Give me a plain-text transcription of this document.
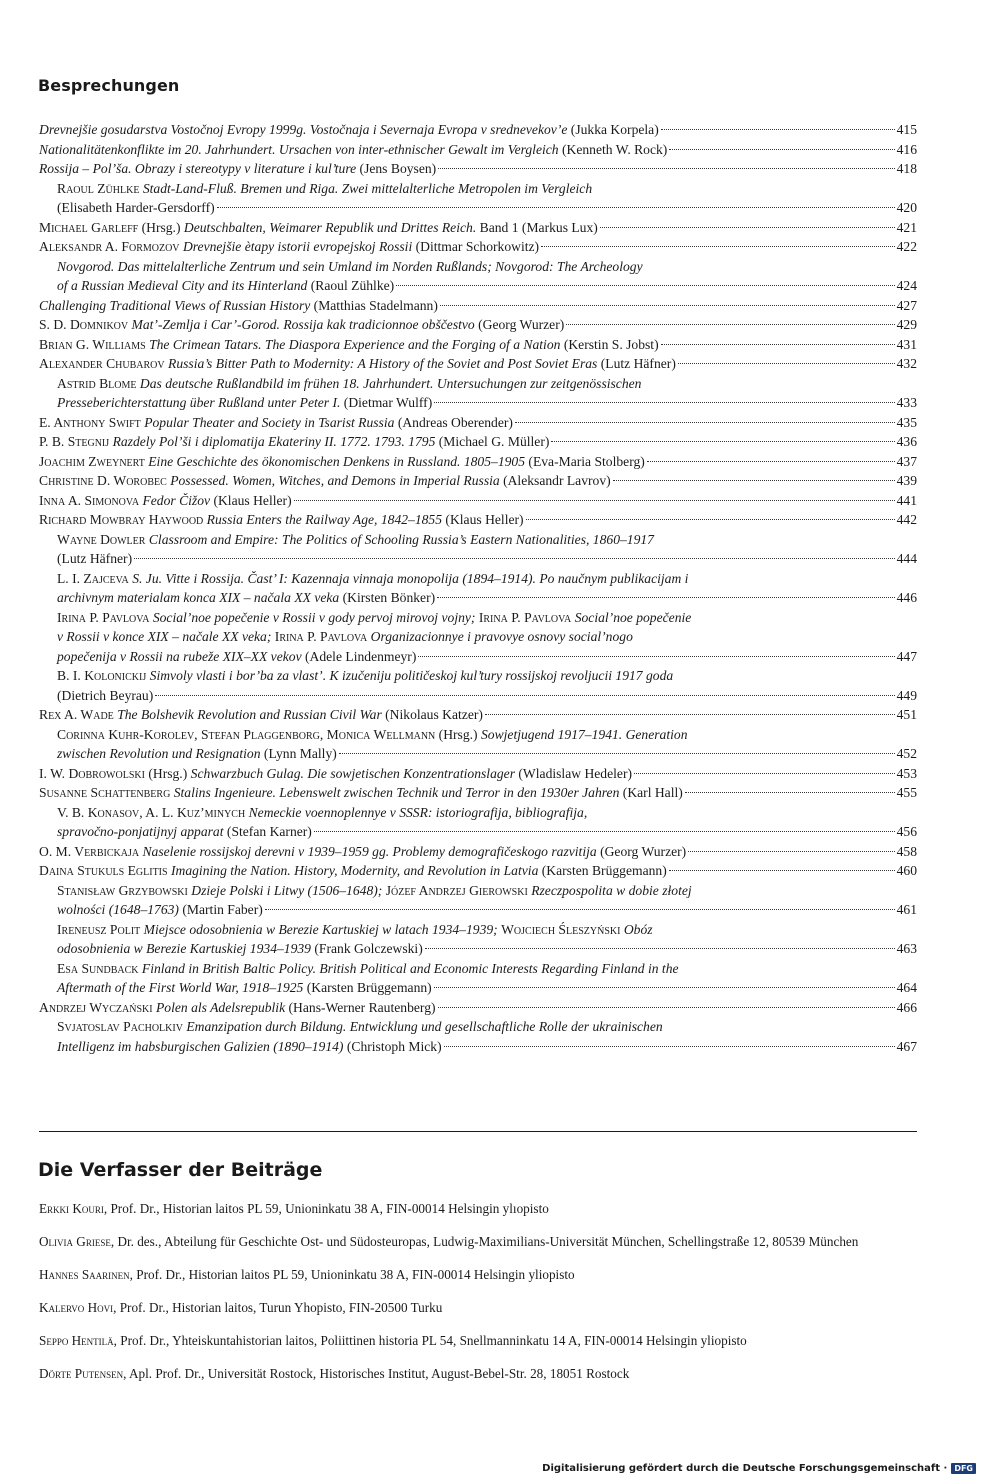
Besprechungen
Drevnejšie gosudarstva Vostočnoj Evropy 1999g. Vostočnaja i Severnaja Evropa v srednevekov’e (Jukka Korpela)	415
Nationalitätenkonflikte im 20. Jahrhundert. Ursachen von inter-ethnischer Gewalt im Vergleich (Kenneth W. Rock)	416
Rossija – Pol’ša. Obrazy i stereotypy v literature i kul’ture (Jens Boysen)	418
Raoul Zühlke Stadt-Land-Fluß. Bremen und Riga. Zwei mittelalterliche Metropolen im Vergleich
(Elisabeth Harder-Gersdorff)	420
Michael Garleff (Hrsg.) Deutschbalten, Weimarer Republik und Drittes Reich. Band 1 (Markus Lux)	421
Aleksandr A. Formozov Drevnejšie ètapy istorii evropejskoj Rossii (Dittmar Schorkowitz)	422
Novgorod. Das mittelalterliche Zentrum und sein Umland im Norden Rußlands; Novgorod: The Archeology
of a Russian Medieval City and its Hinterland (Raoul Zühlke)	424
Challenging Traditional Views of Russian History (Matthias Stadelmann)	427
S. D. Domnikov Mat’-Zemlja i Car’-Gorod. Rossija kak tradicionnoe obščestvo (Georg Wurzer)	429
Brian G. Williams The Crimean Tatars. The Diaspora Experience and the Forging of a Nation (Kerstin S. Jobst)	431
Alexander Chubarov Russia’s Bitter Path to Modernity: A History of the Soviet and Post Soviet Eras (Lutz Häfner)	432
Astrid Blome Das deutsche Rußlandbild im frühen 18. Jahrhundert. Untersuchungen zur zeitgenössischen
Presseberichterstattung über Rußland unter Peter I. (Dietmar Wulff)	433
E. Anthony Swift Popular Theater and Society in Tsarist Russia (Andreas Oberender)	435
P. B. Stegnij Razdely Pol’ši i diplomatija Ekateriny II. 1772. 1793. 1795 (Michael G. Müller)	436
Joachim Zweynert Eine Geschichte des ökonomischen Denkens in Russland. 1805–1905 (Eva-Maria Stolberg)	437
Christine D. Worobec Possessed. Women, Witches, and Demons in Imperial Russia (Aleksandr Lavrov)	439
Inna A. Simonova Fedor Čižov (Klaus Heller)	441
Richard Mowbray Haywood Russia Enters the Railway Age, 1842–1855 (Klaus Heller)	442
Wayne Dowler Classroom and Empire: The Politics of Schooling Russia’s Eastern Nationalities, 1860–1917
(Lutz Häfner)	444
L. I. Zajceva S. Ju. Vitte i Rossija. Čast’ I: Kazennaja vinnaja monopolija (1894–1914). Po naučnym publikacijam i
archivnym materialam konca XIX – načala XX veka (Kirsten Bönker)	446
Irina P. Pavlova Social’noe popečenie v Rossii v gody pervoj mirovoj vojny; Irina P. Pavlova Social’noe popečenie
v Rossii v konce XIX – načale XX veka; Irina P. Pavlova Organizacionnye i pravovye osnovy social’nogo
popečenija v Rossii na rubeže XIX–XX vekov (Adele Lindenmeyr)	447
B. I. Kolonickij Simvoly vlasti i bor’ba za vlast’. K izučeniju političeskoj kul’tury rossijskoj revoljucii 1917 goda
(Dietrich Beyrau)	449
Rex A. Wade The Bolshevik Revolution and Russian Civil War (Nikolaus Katzer)	451
Corinna Kuhr-Korolev, Stefan Plaggenborg, Monica Wellmann (Hrsg.) Sowjetjugend 1917–1941. Generation
zwischen Revolution und Resignation (Lynn Mally)	452
I. W. Dobrowolski (Hrsg.) Schwarzbuch Gulag. Die sowjetischen Konzentrationslager (Wladislaw Hedeler)	453
Susanne Schattenberg Stalins Ingenieure. Lebenswelt zwischen Technik und Terror in den 1930er Jahren (Karl Hall)	455
V. B. Konasov, A. L. Kuz’minych Nemeckie voennoplennye v SSSR: istoriografija, bibliografija,
spravočno-ponjatijnyj apparat (Stefan Karner)	456
O. M. Verbickaja Naselenie rossijskoj derevni v 1939–1959 gg. Problemy demografičeskogo razvitija (Georg Wurzer)	458
Daina Stukuls Eglitis Imagining the Nation. History, Modernity, and Revolution in Latvia (Karsten Brüggemann)	460
Stanisław Grzybowski Dzieje Polski i Litwy (1506–1648); Józef Andrzej Gierowski Rzeczpospolita w dobie złotej
wolności (1648–1763) (Martin Faber)	461
Ireneusz Polit Miejsce odosobnienia w Berezie Kartuskiej w latach 1934–1939; Wojciech Śleszyński Obóz
odosobnienia w Berezie Kartuskiej 1934–1939 (Frank Golczewski)	463
Esa Sundback Finland in British Baltic Policy. British Political and Economic Interests Regarding Finland in the
Aftermath of the First World War, 1918–1925 (Karsten Brüggemann)	464
Andrzej Wyczański Polen als Adelsrepublik (Hans-Werner Rautenberg)	466
Svjatoslav Pacholkiv Emanzipation durch Bildung. Entwicklung und gesellschaftliche Rolle der ukrainischen
Intelligenz im habsburgischen Galizien (1890–1914) (Christoph Mick)	467
Die Verfasser der Beiträge
Erkki Kouri, Prof. Dr., Historian laitos PL 59, Unioninkatu 38 A, FIN-00014 Helsingin ylıopisto
Olivia Griese, Dr. des., Abteilung für Geschichte Ost- und Südosteuropas, Ludwig-Maximilians-Universität München, Schellingstraße 12, 80539 München
Hannes Saarinen, Prof. Dr., Historian laitos PL 59, Unioninkatu 38 A, FIN-00014 Helsingin yliopisto
Kalervo Hovi, Prof. Dr., Historian laitos, Turun Yhopisto, FIN-20500 Turku
Seppo Hentilä, Prof. Dr., Yhteiskuntahistorian laitos, Poliittinen historia PL 54, Snellmanninkatu 14 A, FIN-00014 Helsingin yliopisto
Dörte Putensen, Apl. Prof. Dr., Universität Rostock, Historisches Institut, August-Bebel-Str. 28, 18051 Rostock
Digitalisierung gefördert durch die Deutsche Forschungsgemeinschaft · DFG
